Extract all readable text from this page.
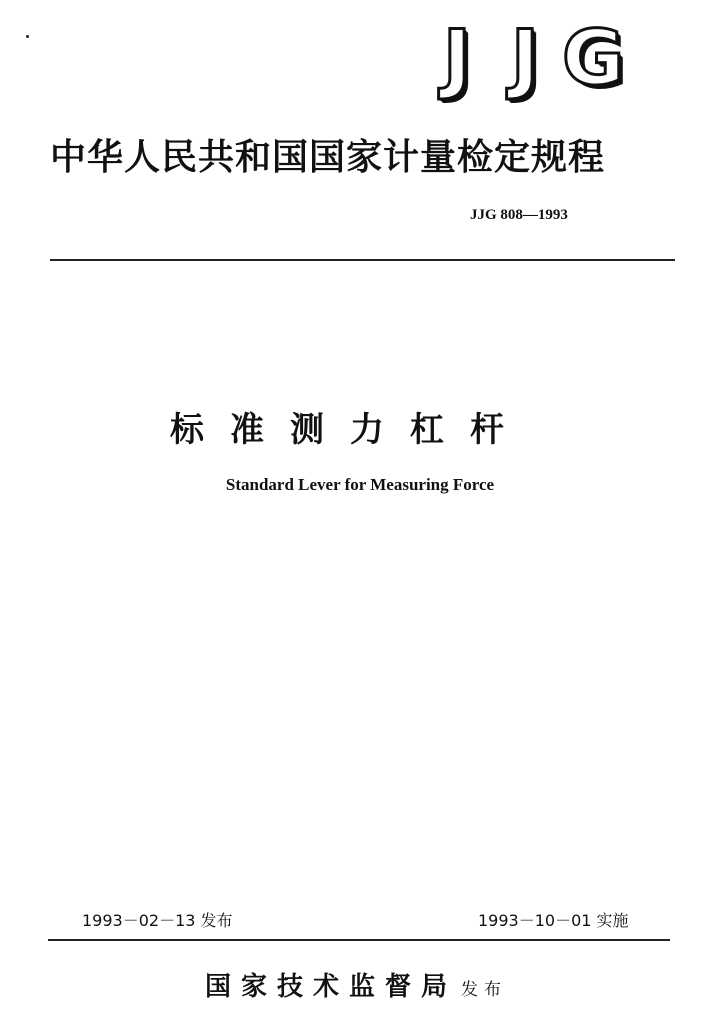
J J G
中华人民共和国国家计量检定规程
JJG 808—1993
标准测力杠杆
Standard Lever for Measuring Force
1993－02－13 发布	1993－10－01 实施
国家技术监督局 发布
